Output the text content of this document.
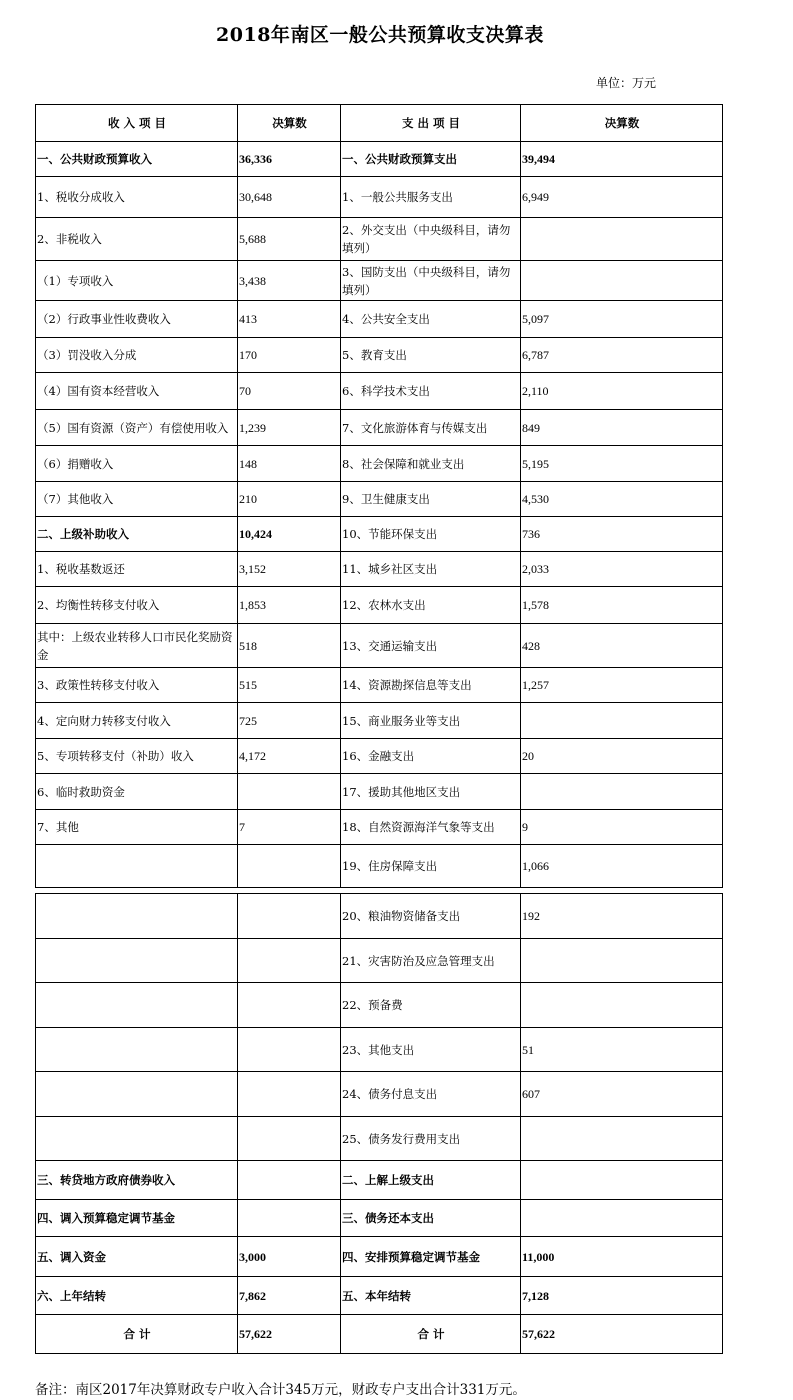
2018年南区一般公共预算收支决算表
单位：万元
收 入 项 目	决算数	支 出 项 目	决算数
一、公共财政预算收入	36,336	一、公共财政预算支出	39,494
1、税收分成收入	30,648	1、一般公共服务支出	6,949
2、非税收入	5,688	2、外交支出（中央级科目，请勿填列）	
（1）专项收入	3,438	3、国防支出（中央级科目，请勿填列）	
（2）行政事业性收费收入	413	4、公共安全支出	5,097
（3）罚没收入分成	170	5、教育支出	6,787
（4）国有资本经营收入	70	6、科学技术支出	2,110
（5）国有资源（资产）有偿使用收入	1,239	7、文化旅游体育与传媒支出	849
（6）捐赠收入	148	8、社会保障和就业支出	5,195
（7）其他收入	210	9、卫生健康支出	4,530
二、上级补助收入	10,424	10、节能环保支出	736
1、税收基数返还	3,152	11、城乡社区支出	2,033
2、均衡性转移支付收入	1,853	12、农林水支出	1,578
其中：上级农业转移人口市民化奖励资金	518	13、交通运输支出	428
3、政策性转移支付收入	515	14、资源勘探信息等支出	1,257
4、定向财力转移支付收入	725	15、商业服务业等支出	
5、专项转移支付（补助）收入	4,172	16、金融支出	20
6、临时救助资金		17、援助其他地区支出	
7、其他	7	18、自然资源海洋气象等支出	9
		19、住房保障支出	1,066
		20、粮油物资储备支出	192
		21、灾害防治及应急管理支出	
		22、预备费	
		23、其他支出	51
		24、债务付息支出	607
		25、债务发行费用支出	
三、转贷地方政府债券收入		二、上解上级支出	
四、调入预算稳定调节基金		三、债务还本支出	
五、调入资金	3,000	四、安排预算稳定调节基金	11,000
六、上年结转	7,862	五、本年结转	7,128
合 计	57,622	合 计	57,622
备注：南区2017年决算财政专户收入合计345万元，财政专户支出合计331万元。
